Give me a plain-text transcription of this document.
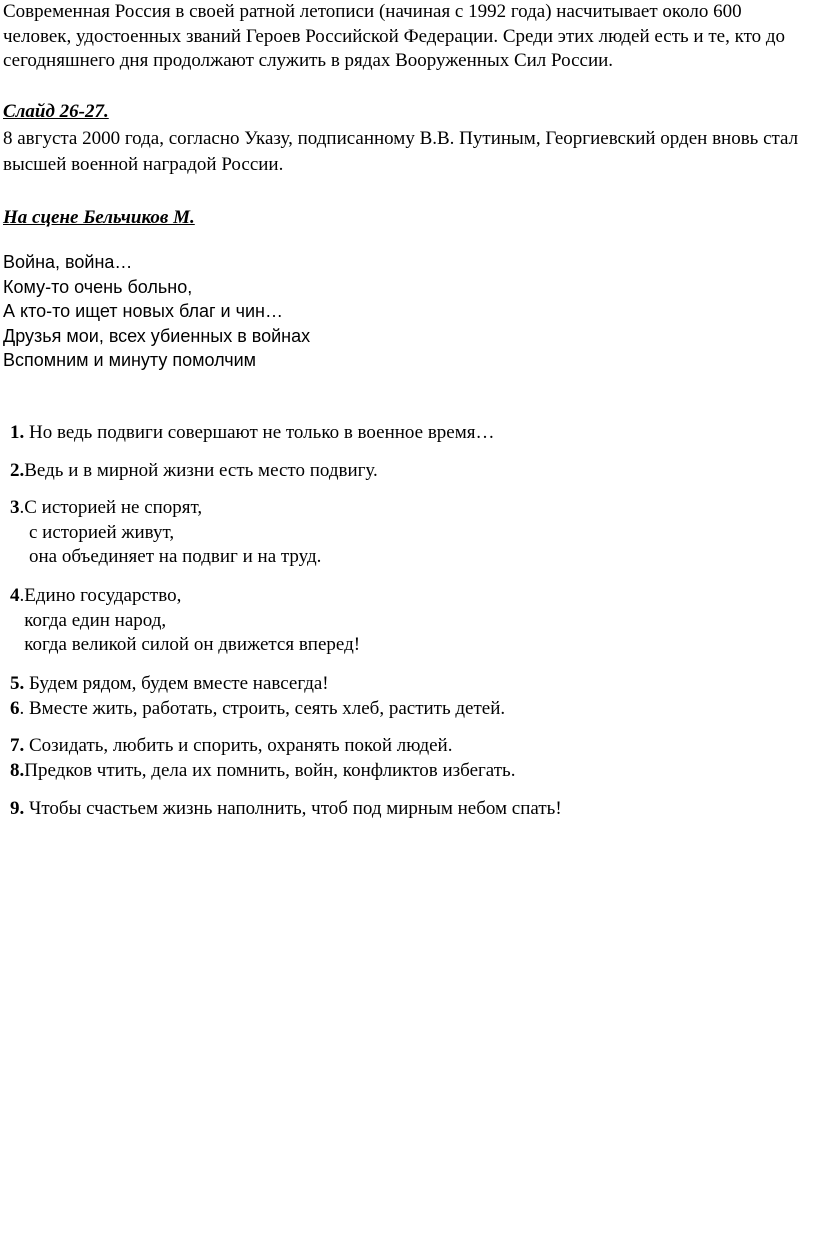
Современная Россия в своей ратной летописи (начиная с 1992 года) насчитывает около 600 человек, удостоенных званий Героев Российской Федерации. Среди этих людей есть и те, кто до сегодняшнего дня продолжают служить в рядах Вооруженных Сил России.

Слайд 26-27.

8 августа 2000 года, согласно Указу, подписанному В.В. Путиным, Георгиевский орден вновь стал высшей военной наградой России.

На сцене Бельчиков М.

Война, война…
Кому-то очень больно,
А кто-то ищет новых благ и чин…
Друзья мои, всех убиенных в войнах
Вспомним и минуту помолчим
1. Но ведь подвиги совершают не только в военное время…
2.Ведь и в мирной жизни есть место подвигу.
3.С историей не спорят,
с историей живут,
она объединяет на подвиг и на труд.
4.Едино государство,
когда един народ,
когда великой силой он движется вперед!
5. Будем рядом, будем вместе навсегда!
6. Вместе жить, работать, строить, сеять хлеб, растить детей.
7. Созидать, любить и спорить, охранять покой людей.
8.Предков чтить, дела их помнить, войн, конфликтов избегать.
9. Чтобы счастьем жизнь наполнить, чтоб под мирным небом спать!
